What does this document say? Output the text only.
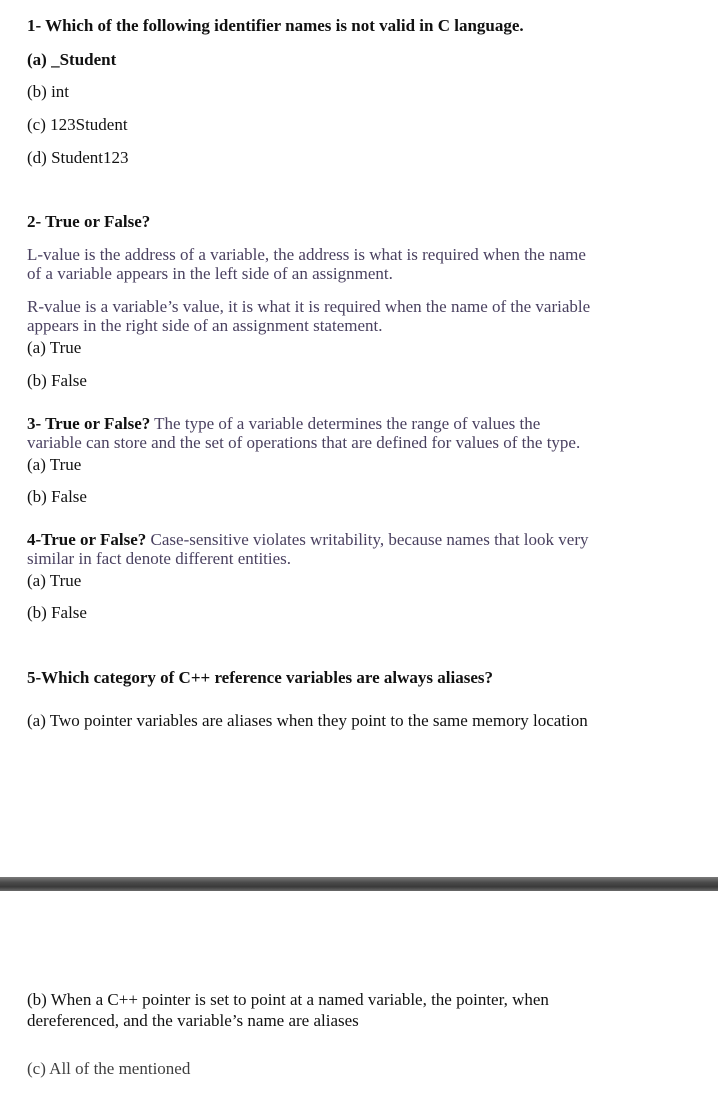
1- Which of the following identifier names is not valid in C language.
(a) _Student
(b) int
(c) 123Student
(d) Student123
2- True or False?
L-value is the address of a variable, the address is what is required when the name
of a variable appears in the left side of an assignment.
R-value is a variable’s value, it is what it is required when the name of the variable
appears in the right side of an assignment statement.
(a) True
(b) False
3- True or False? The type of a variable determines the range of values the
variable can store and the set of operations that are defined for values of the type.
(a) True
(b) False
4-True or False? Case-sensitive violates writability, because names that look very
similar in fact denote different entities.
(a) True
(b) False
5-Which category of C++ reference variables are always aliases?
(a) Two pointer variables are aliases when they point to the same memory location
(b) When a C++ pointer is set to point at a named variable, the pointer, when
dereferenced, and the variable’s name are aliases
(c) All of the mentioned
